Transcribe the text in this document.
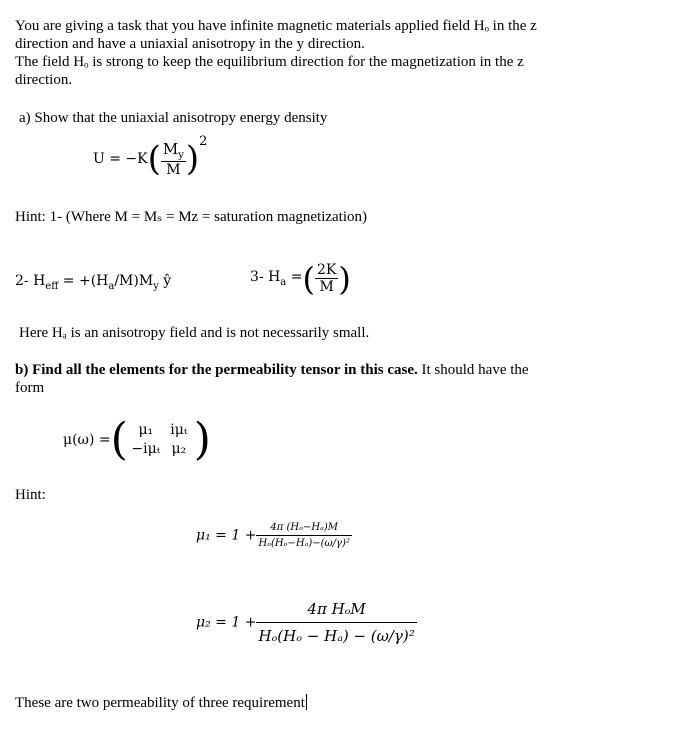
You are giving a task that you have infinite magnetic materials applied field Hₒ in the z
direction and have a uniaxial anisotropy in the y direction.
The field Hₒ is strong to keep the equilibrium direction for the magnetization in the z
direction.
a) Show that the uniaxial anisotropy energy density
$U = -K( \frac{M_y}{M} )^2$
Hint: 1- (Where M = Mₛ = Mᴢ = saturation magnetization)
2- $H_{eff} = +(H_a/M)M_y$ ŷ	3- $H_a$ =( $\frac{2K}{M}$ )
Here Hₐ is an anisotropy field and is not necessarily small.
b) Find all the elements for the permeability tensor in this case. It should have the
form
μ(ω) =( μ₁ iμₜ
−iμₜ μ₂ )
Hint:
$\mu_1 = 1 + \frac{\text{4π (Hₒ−Hₐ)M}}{\text{Hₒ(Hₒ−Hₐ)−(ω/γ)²}}$
$\mu_2 = 1 + \frac{\text{4π HₒM}}{\text{Hₒ(Hₒ − Hₐ) − (ω/γ)²}}$
These are two permeability of three requirement
